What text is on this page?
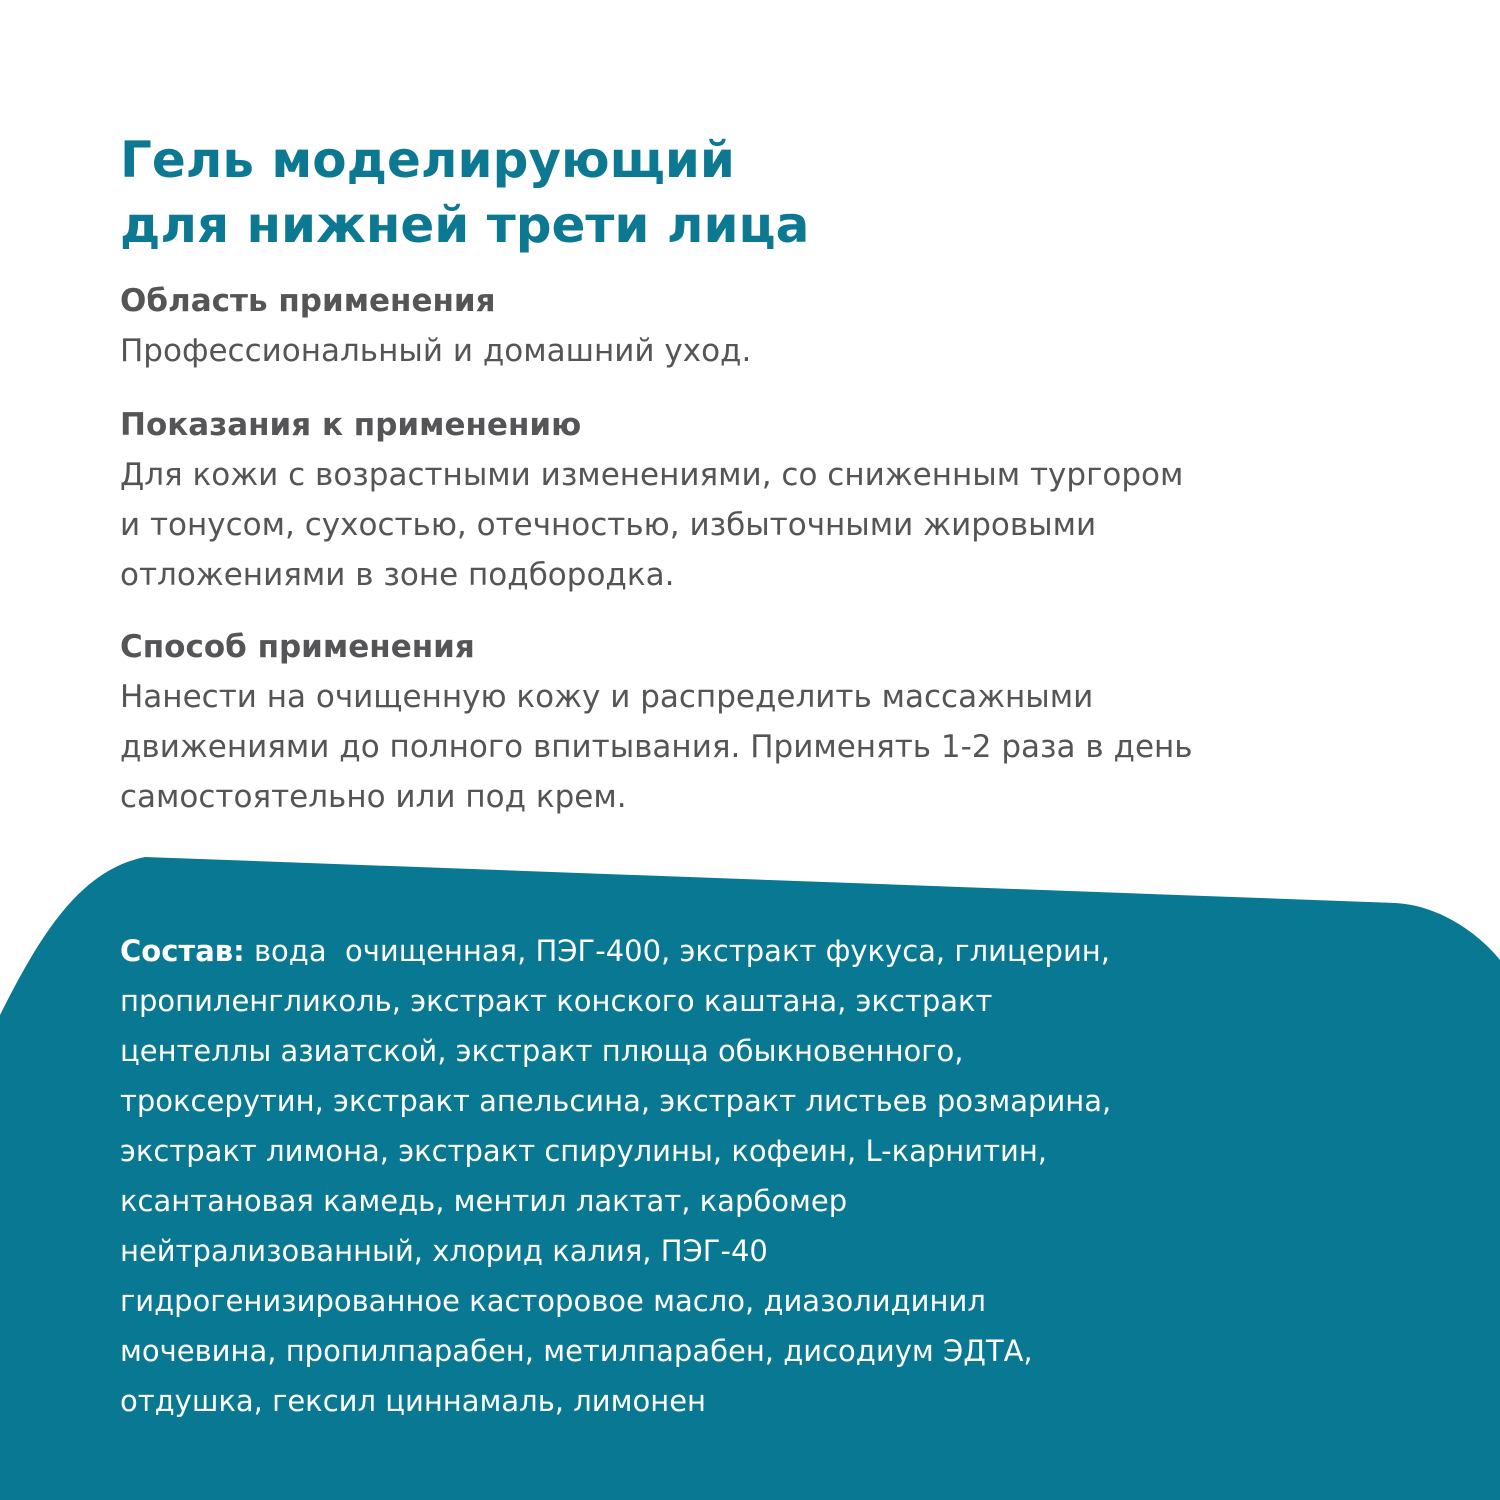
Гель моделирующий
для нижней трети лица

Область применения

Профессиональный и домашний уход.

Показания к применению

Для кожи с возрастными изменениями, со сниженным тургором

и тонусом, сухостью, отечностью, избыточными жировыми

отложениями в зоне подбородка.

Способ применения

Нанести на очищенную кожу и распределить массажными

движениями до полного впитывания. Применять 1-2 раза в день

самостоятельно или под крем.

Состав: вода  очищенная, ПЭГ-400, экстракт фукуса, глицерин,
пропиленгликоль, экстракт конского каштана, экстракт
центеллы азиатской, экстракт плюща обыкновенного,
троксерутин, экстракт апельсина, экстракт листьев розмарина,
экстракт лимона, экстракт спирулины, кофеин, L-карнитин,
ксантановая камедь, ментил лактат, карбомер
нейтрализованный, хлорид калия, ПЭГ-40
гидрогенизированное касторовое масло, диазолидинил
мочевина, пропилпарабен, метилпарабен, дисодиум ЭДТА,
отдушка, гексил циннамаль, лимонен
